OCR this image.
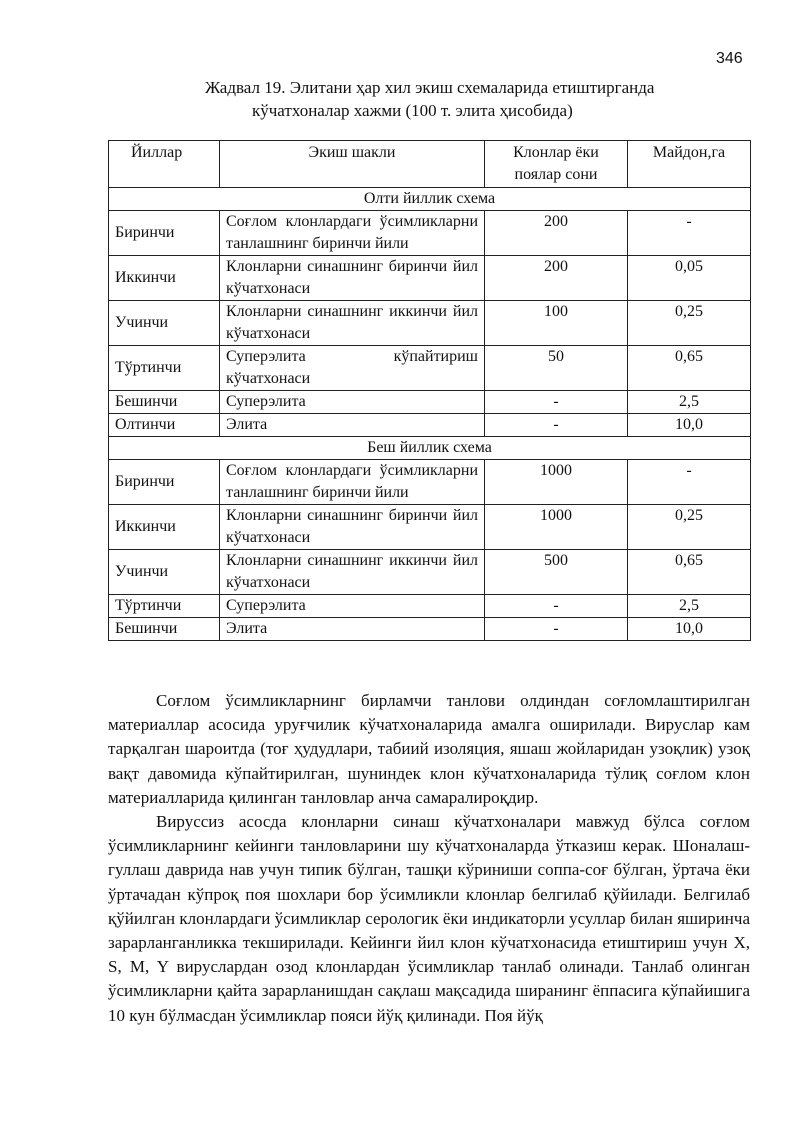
346
Жадвал 19. Элитани ҳар хил экиш схемаларида етиштирганда
кўчатхоналар хажми (100 т. элита ҳисобида)
Йиллар	Экиш шакли	Клонлар ёки поялар сони	Майдон,га
Олти йиллик схема			
Биринчи	Соғлом клонлардаги ўсимликларни танлашнинг биринчи йили	200	-
Иккинчи	Клонларни синашнинг биринчи йил кўчатхонаси	200	0,05
Учинчи	Клонларни синашнинг иккинчи йил кўчатхонаси	100	0,25
Тўртинчи	Суперэлита кўпайтириш кўчатхонаси	50	0,65
Бешинчи	Суперэлита	-	2,5
Олтинчи	Элита	-	10,0
Беш йиллик схема			
Биринчи	Соғлом клонлардаги ўсимликларни танлашнинг биринчи йили	1000	-
Иккинчи	Клонларни синашнинг биринчи йил кўчатхонаси	1000	0,25
Учинчи	Клонларни синашнинг иккинчи йил кўчатхонаси	500	0,65
Тўртинчи	Суперэлита	-	2,5
Бешинчи	Элита	-	10,0

Соғлом ўсимликларнинг бирламчи танлови олдиндан соғломлаштирилган материаллар асосида уруғчилик кўчатхоналарида амалга оширилади. Вируслар кам тарқалган шароитда (тоғ ҳудудлари, табиий изоляция, яшаш жойларидан узоқлик) узоқ вақт давомида кўпайтирилган, шуниндек клон кўчатхоналарида тўлиқ соғлом клон материалларида қилинган танловлар анча самаралироқдир.

Вируссиз асосда клонларни синаш кўчатхоналари мавжуд бўлса соғлом ўсимликларнинг кейинги танловларини шу кўчатхоналарда ўтказиш керак. Шоналаш-гуллаш даврида нав учун типик бўлган, ташқи кўриниши соппа-соғ бўлган, ўртача ёки ўртачадан кўпроқ поя шохлари бор ўсимликли клонлар белгилаб қўйилади. Белгилаб қўйилган клонлардаги ўсимликлар серологик ёки индикаторли усуллар билан яширинча зарарланганликка текширилади. Кейинги йил клон кўчатхонасида етиштириш учун X, S, M, Y вируслардан озод клонлардан ўсимликлар танлаб олинади. Танлаб олинган ўсимликларни қайта зарарланишдан сақлаш мақсадида ширанинг ёппасига кўпайишига 10 кун бўлмасдан ўсимликлар пояси йўқ қилинади. Поя йўқ
